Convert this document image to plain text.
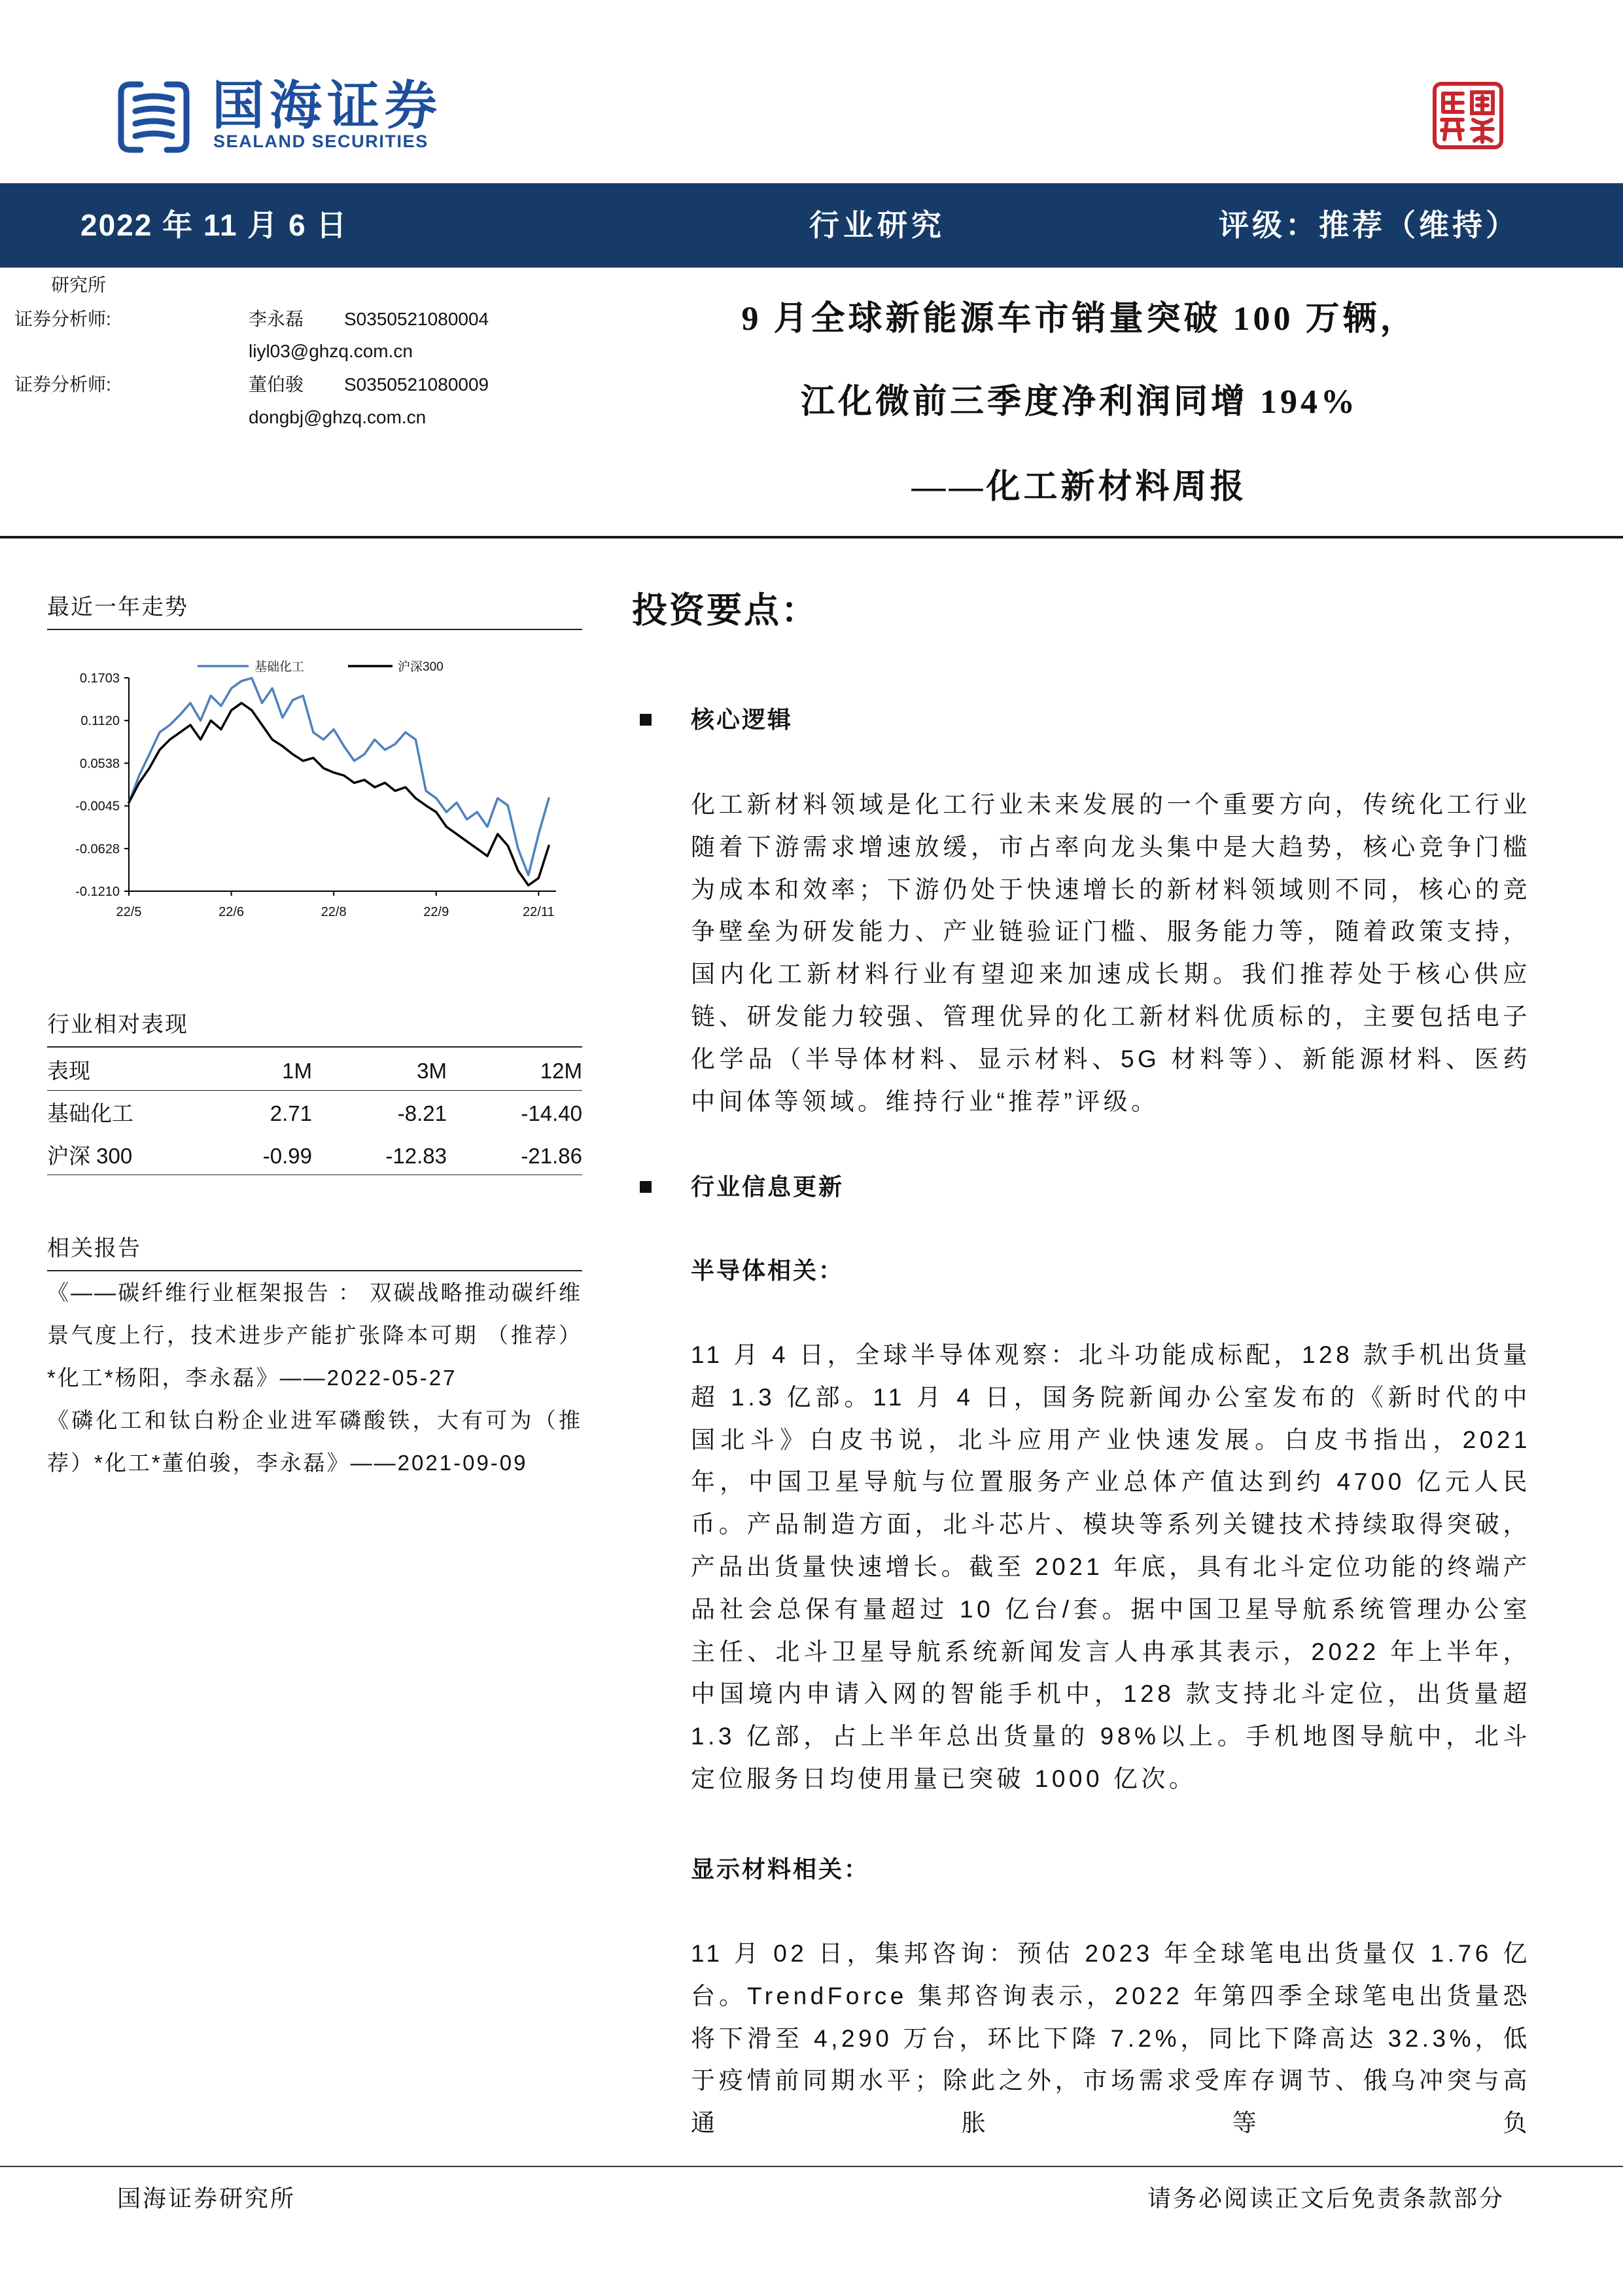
国海证券
SEALAND SECURITIES
2022 年 11 月 6 日	行业研究	评级：推荐（维持）
研究所
证券分析师:	李永磊 S0350521080004
liyl03@ghzq.com.cn
证券分析师:	董伯骏 S0350521080009
dongbj@ghzq.com.cn
9 月全球新能源车市销量突破 100 万辆，
江化微前三季度净利润同增 194%
——化工新材料周报
最近一年走势
基础化工	沪深300
0.1703
0.1120
0.0538
-0.0045
-0.0628
-0.1210
22/5	22/6	22/8	22/9	22/11
行业相对表现
表现	1M	3M	12M
基础化工	2.71	-8.21	-14.40
沪深 300	-0.99	-12.83	-21.86
相关报告

《——碳纤维行业框架报告 ： 双碳战略推动碳纤维景气度上行，技术进步产能扩张降本可期 （推荐）*化工*杨阳，李永磊》——2022-05-27

《磷化工和钛白粉企业进军磷酸铁，大有可为（推荐）*化工*董伯骏，李永磊》——2021-09-09

投资要点：
核心逻辑
化工新材料领域是化工行业未来发展的一个重要方向，传统化工行业随着下游需求增速放缓，市占率向龙头集中是大趋势，核心竞争门槛为成本和效率；下游仍处于快速增长的新材料领域则不同，核心的竞争壁垒为研发能力、产业链验证门槛、服务能力等，随着政策支持，国内化工新材料行业有望迎来加速成长期。我们推荐处于核心供应链、研发能力较强、管理优异的化工新材料优质标的，主要包括电子化学品（半导体材料、显示材料、5G 材料等）、新能源材料、医药中间体等领域。维持行业“推荐”评级。
行业信息更新
半导体相关：
11 月 4 日，全球半导体观察：北斗功能成标配，128 款手机出货量超 1.3 亿部。11 月 4 日，国务院新闻办公室发布的《新时代的中国北斗》白皮书说，北斗应用产业快速发展。白皮书指出，2021 年，中国卫星导航与位置服务产业总体产值达到约 4700 亿元人民币。产品制造方面，北斗芯片、模块等系列关键技术持续取得突破，产品出货量快速增长。截至 2021 年底，具有北斗定位功能的终端产品社会总保有量超过 10 亿台/套。据中国卫星导航系统管理办公室主任、北斗卫星导航系统新闻发言人冉承其表示，2022 年上半年，中国境内申请入网的智能手机中，128 款支持北斗定位，出货量超 1.3 亿部，占上半年总出货量的 98%以上。手机地图导航中，北斗定位服务日均使用量已突破 1000 亿次。
显示材料相关：
11 月 02 日，集邦咨询：预估 2023 年全球笔电出货量仅 1.76 亿台。TrendForce 集邦咨询表示，2022 年第四季全球笔电出货量恐将下滑至 4,290 万台，环比下降 7.2%，同比下降高达 32.3%，低于疫情前同期水平；除此之外，市场需求受库存调节、俄乌冲突与高通胀等负
国海证券研究所	请务必阅读正文后免责条款部分
